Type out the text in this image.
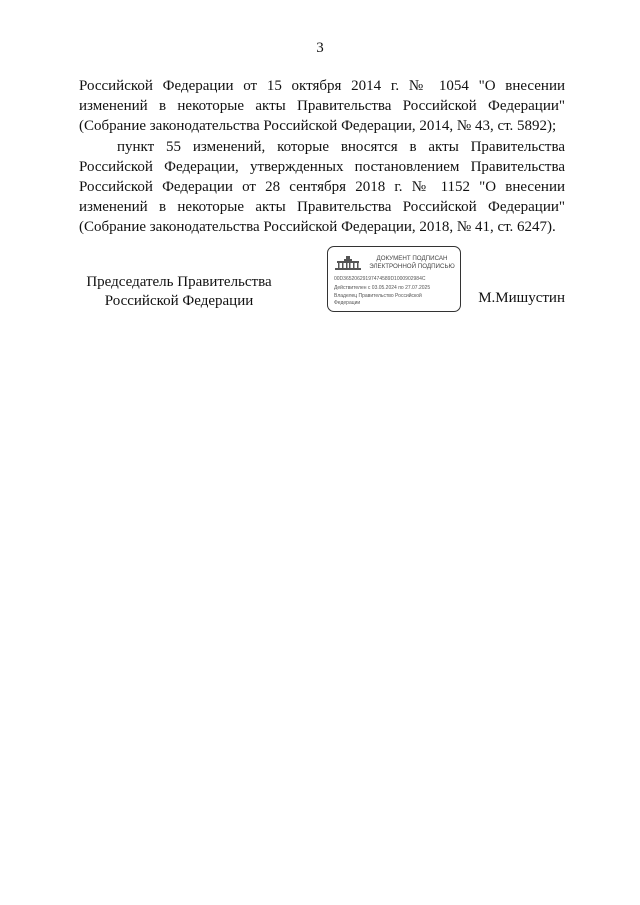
3

Российской Федерации от 15 октября 2014 г. № 1054 "О внесении изменений в некоторые акты Правительства Российской Федерации" (Собрание законодательства Российской Федерации, 2014, № 43, ст. 5892);

пункт 55 изменений, которые вносятся в акты Правительства Российской Федерации, утвержденных постановлением Правительства Российской Федерации от 28 сентября 2018 г. № 1152 "О внесении изменений в некоторые акты Правительства Российской Федерации" (Собрание законодательства Российской Федерации, 2018, № 41, ст. 6247).

Председатель Правительства
Российской Федерации
ДОКУМЕНТ ПОДПИСАН
ЭЛЕКТРОННОЙ ПОДПИСЬЮ
00D36520629197474589D1000902984C
Действителен с 03.05.2024 по 27.07.2025
Владелец Правительство Российской
Федерации	М.Мишустин
